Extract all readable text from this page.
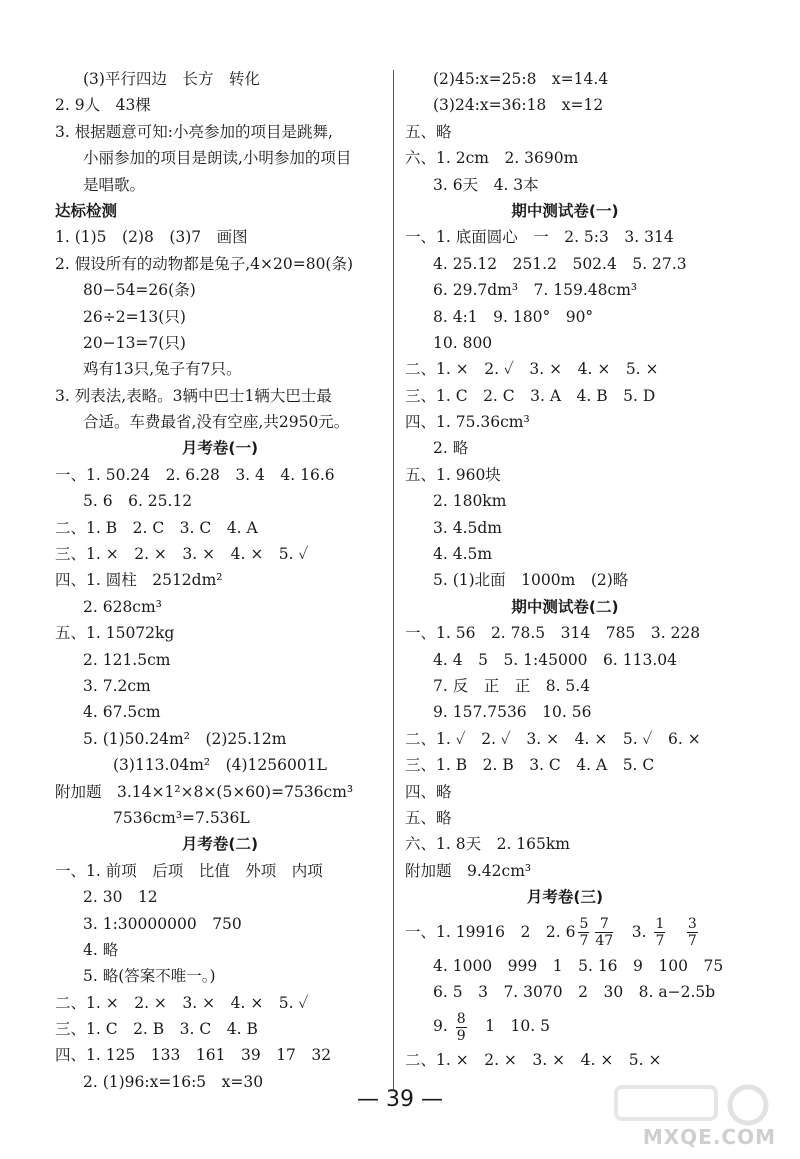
(3)平行四边　长方　转化
2. 9人　43棵
3. 根据题意可知:小亮参加的项目是跳舞,
小丽参加的项目是朗读,小明参加的项目
是唱歌。
达标检测
1. (1)5　(2)8　(3)7　画图
2. 假设所有的动物都是兔子,4×20=80(条)
80−54=26(条)
26÷2=13(只)
20−13=7(只)
鸡有13只,兔子有7只。
3. 列表法,表略。3辆中巴士1辆大巴士最
合适。车费最省,没有空座,共2950元。
月考卷(一)
一、1. 50.24　2. 6.28　3. 4　4. 16.6
5. 6　6. 25.12
二、1. B　2. C　3. C　4. A
三、1. ×　2. ×　3. ×　4. ×　5. ✓
四、1. 圆柱　2512dm²
2. 628cm³
五、1. 15072kg
2. 121.5cm
3. 7.2cm
4. 67.5cm
5. (1)50.24m²　(2)25.12m
(3)113.04m²　(4)1256001L
附加题　3.14×1²×8×(5×60)=7536cm³
7536cm³=7.536L
月考卷(二)
一、1. 前项　后项　比值　外项　内项
2. 30　12
3. 1:30000000　750
4. 略
5. 略(答案不唯一。)
二、1. ×　2. ×　3. ×　4. ×　5. ✓
三、1. C　2. B　3. C　4. B
四、1. 125　133　161　39　17　32
2. (1)96:x=16:5　x=30
(2)45:x=25:8　x=14.4
(3)24:x=36:18　x=12
五、略
六、1. 2cm　2. 3690m
3. 6天　4. 3本
期中测试卷(一)
一、1. 底面圆心　一　2. 5:3　3. 314
4. 25.12　251.2　502.4　5. 27.3
6. 29.7dm³　7. 159.48cm³
8. 4:1　9. 180°　90°
10. 800
二、1. ×　2. ✓　3. ×　4. ×　5. ×
三、1. C　2. C　3. A　4. B　5. D
四、1. 75.36cm³
2. 略
五、1. 960块
2. 180km
3. 4.5dm
4. 4.5m
5. (1)北面　1000m　(2)略
期中测试卷(二)
一、1. 56　2. 78.5　314　785　3. 228
4. 4　5　5. 1:45000　6. 113.04
7. 反　正　正　8. 5.4
9. 157.7536　10. 56
二、1. ✓　2. ✓　3. ×　4. ×　5. ✓　6. ×
三、1. B　2. B　3. C　4. A　5. C
四、略
五、略
六、1. 8天　2. 165km
附加题　9.42cm³
月考卷(三)
一、1. 19916　2　2. $6 \frac{5}{7} \frac{7}{47}$ 　3. $\frac{1}{7}$
　 $\frac{3}{7}$
4. 1000　999　1　5. 16　9　100　75
6. 5　3　7. 3070　2　30　8. a−2.5b
9. $\frac{8}{9}$ 　1　10. 5
二、1. ×　2. ×　3. ×　4. ×　5. ×
— 39 —
MXQE.COM
